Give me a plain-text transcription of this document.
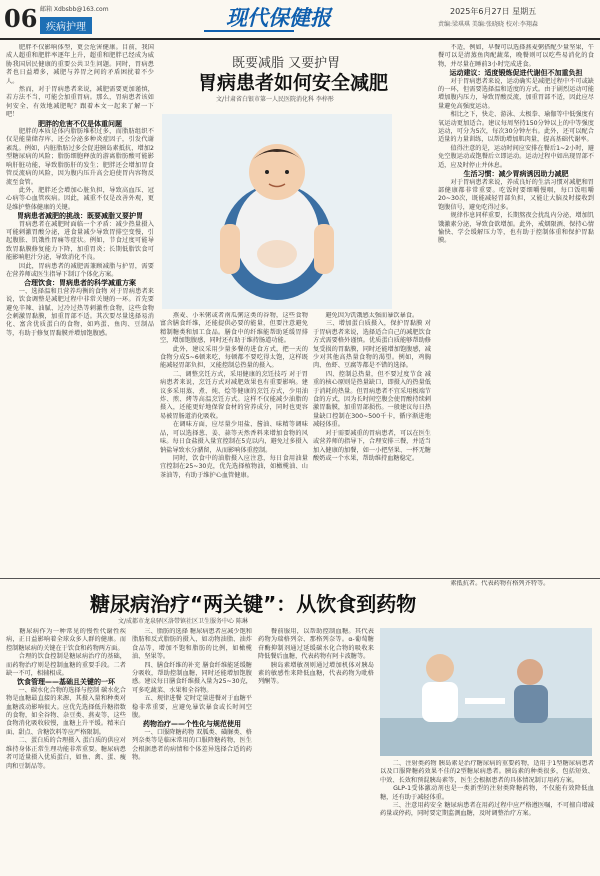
06 邮箱 Xdbsbb@163.com
疾病护理	现代保健报	2025年6月27日 星期五
责编:梁琪琪 美编:张晓晓 校对:李翔森
既要减脂 又要护胃
胃病患者如何安全减肥
文/甘肃省白银市第一人民医院消化科 李梓彤

　　肥胖不仅影响体型，更会危害健康。目前，我国成人超重和肥胖率逐年上升，超重和肥胖已经成为威胁我国居民健康的重要公共卫生问题。同时，胃病患者也日益增多，减肥与养胃之间的矛盾困扰着不少人。

　　然而，对于胃病患者来说，减肥需要更加谨慎，若方法不当，可能会加重胃病。那么，胃病患者该如何安全、有效地减肥呢？跟着本文一起来了解一下吧！

肥胖的危害不仅是体重问题

　　肥胖的本质是体内脂肪堆积过多，而脂肪组织不仅是能量储存库，还会分泌多种炎症因子，引发代谢紊乱。例如，内脏脂肪过多会促进胰岛素抵抗，增加2型糖尿病的风险；脂肪细胞释放的游离脂肪酸可能影响肝脏功能，导致脂肪肝的发生；肥胖还会增加胃食管反流病的风险，因为腹内压升高会迫使胃内容物反流至食管。

　　此外，肥胖还会增加心脏负担，导致高血压、冠心病等心血管疾病。因此，减重不仅是改善外观，更是维护整体健康的关键。

胃病患者减肥的挑战：既要减脂又要护胃

　　胃病患者在减肥时面临一个矛盾：减少热量摄入可能刺激胃酸分泌，进食量减少导致胃排空变慢，引起腹胀、饥饿性胃痛等症状。例如，节食过度可能导致胃黏膜修复能力下降，加重胃炎；长期低脂饮食可能影响胆汁分泌，导致消化不良。

　　因此，胃病患者的减肥需兼顾减脂与护胃，需要在营养师或医生指导下制订个体化方案。

合理饮食：胃病患者的科学减重方案

　　一、选择温和且营养均衡的食物 对于胃病患者来说，饮食调整是减肥过程中非常关键的一环。首先要避免辛辣、油腻、过冷过热等刺激性食物，这些食物会刺激胃黏膜，加重胃部不适。其次要尽量选择易消化、富含优质蛋白的食物，如鸡蛋、鱼肉、豆制品等，有助于修复胃黏膜并增加饱腹感。

　　燕麦、小米粥或者南瓜粥这类的谷物，这些食物富含膳食纤维，还能提供必要的能量，但要注意避免精制糖类和加工食品。膳食中的纤维能帮助延缓胃排空，增加饱腹感，同时还有助于维持肠道功能。

　　此外，建议采用少量多餐的进食方式，把一天的食物分成5~6顿来吃，每顿都不要吃得太饱，这样既能减轻胃部负担，又能控制总热量的摄入。

　　二、调整烹饪方式，采用健康的烹饪技巧 对于胃病患者来说，烹饪方式对减肥效果也有重要影响。建议多采用蒸、煮、炖、烩等健康的烹饪方式，少用油炸、煎、烤等高温烹饪方式。这样不仅能减少油脂的摄入，还能更好地保留食材的营养成分，同时也更容易被胃肠道消化吸收。

　　在调味方面，应尽量少用盐、酱油、味精等调味品，可以选择葱、姜、蒜等天然香料来增加食物的风味。每日食盐摄入量宜控制在5克以内，避免过多摄入钠盐导致水分潴留，从而影响体重控制。

　　同时，饮食中的油脂摄入应注意，每日食用油量宜控制在25~30克，优先选择植物油，如橄榄油、山茶油等，有助于维护心血管健康。

　　避免因为饥饿感太强而暴饮暴食。

　　三、增加蛋白质摄入，保护胃黏膜 对于胃病患者来说，选择适合自己的减肥饮食方式需要格外谨慎。优质蛋白质能够帮助修复受损的胃黏膜，同时还能增加饱腹感，减少对其他高热量食物的渴望。例如，鸡胸肉、鱼虾、豆腐等都是不错的选择。

　　四、控制总热量，但不要过度节食 减重的核心原则是热量缺口，即摄入的热量低于消耗的热量。但胃病患者不宜采用极端节食的方式，因为长时间空腹会使胃酸持续刺激胃黏膜，加重胃部损伤。一般建议每日热量缺口控制在300~500千卡，循序渐进地减轻体重。

　　对于需要减重的胃病患者，可以在医生或营养师的指导下，合理安排三餐，并适当加入健康的加餐，如一小把坚果、一杯无糖酸奶或一个水果，帮助维持血糖稳定。

　　不适，例如，早餐可以选择燕麦粥搭配少量坚果，午餐可以是清蒸鱼肉配蔬菜，晚餐则可以吃些易消化的食物，并尽量在睡前3小时完成进食。

运动建议：适度锻炼促进代谢但不加重负担

　　对于胃病患者来说，运动确实是减肥过程中不可或缺的一环，但需要选择温和适度的方式。由于剧烈运动可能增加腹内压力，导致胃酸反流，加重胃部不适，因此应尽量避免高强度运动。

　　相比之下，快走、游泳、太极拳、瑜伽等中低强度有氧运动更加适合。建议每周坚持150分钟以上的中等强度运动，可分为5次，每次30分钟左右。此外，还可以配合适量的力量训练，以帮助增加肌肉量，提高基础代谢率。

　　值得注意的是，运动时间应安排在餐后1~2小时，避免空腹运动或饱餐后立即运动。运动过程中如出现胃部不适，应及时停止并休息。

生活习惯：减少胃病诱因助力减肥

　　对于胃病患者来说，养成良好的生活习惯对减肥和胃部健康都非常重要。吃饭时要细嚼慢咽，每口饭咀嚼20~30次，既能减轻胃部负担，又能让大脑及时接收到饱腹信号，避免吃得过多。

　　规律作息同样重要，长期熬夜会扰乱内分泌，增加饥饿激素分泌，导致食欲增加。此外，戒烟限酒、保持心情愉快、学会缓解压力等，也有助于控制体重和保护胃黏膜。

糖尿病治疗“两关键”：从饮食到药物
文/成都市龙泉驿区洛带镇社区卫生服务中心 陈琳

　　糖尿病作为一种常见的慢性代谢性疾病，正日益影响着全球众多人群的健康。而控制糖尿病的关键在于饮食和药物两方面。

　　合理的饮食控制是糖尿病治疗的基础，而药物治疗则是控制血糖的重要手段。二者缺一不可，相辅相成。

饮食管理——基础且关键的一环

　　一、碳水化合物的选择与控制 碳水化合物是血糖最直接的来源，其摄入量和种类对血糖波动影响很大。应优先选择低升糖指数的食物，如全谷物、杂豆类、燕麦等，这些食物消化吸收较慢，血糖上升平缓。精米白面、甜点、含糖饮料等应严格限制。

　　二、蛋白质的合理摄入 蛋白质的供应对维持身体正常生理功能非常重要。糖尿病患者可适量摄入优质蛋白，如鱼、禽、蛋、瘦肉和豆制品等。

　　三、脂肪的选择 糖尿病患者应减少饱和脂肪和反式脂肪的摄入，如动物油脂、油炸食品等，增加不饱和脂肪的比例，如橄榄油、坚果等。

　　四、膳食纤维的补充 膳食纤维能延缓糖分吸收，帮助控制血糖，同时还能增加饱腹感。建议每日膳食纤维摄入量为25~30克，可多吃蔬菜、水果和全谷物。

　　五、规律进餐 定时定量进餐对于血糖平稳非常重要，应避免暴饮暴食或长时间空腹。

药物治疗——个性化与规范使用

　　一、口服降糖药物 双胍类、磺脲类、格列奈类等是临床常用的口服降糖药物，医生会根据患者的病情和个体差异选择合适的药物。

　　餐前服用，以帮助控制血糖。其代表药物为瑞格列奈、那格列奈等。α-葡萄糖苷酶抑制剂通过延缓碳水化合物的吸收来降低餐后血糖，代表药物有阿卡波糖等。

　　胰岛素增敏剂则通过增加机体对胰岛素的敏感性来降低血糖，代表药物为吡格列酮等。

　　素抵抗者。代表药物有格列齐特等。

　　二、注射类药物 胰岛素是治疗糖尿病的重要药物，适用于1型糖尿病患者以及口服降糖药效果不佳的2型糖尿病患者。胰岛素的种类很多，包括短效、中效、长效和预混胰岛素等，医生会根据患者的具体情况制订用药方案。

　　GLP-1受体激动剂也是一类新型的注射类降糖药物，不仅能有效降低血糖，还有助于减轻体重。

　　三、注意用药安全 糖尿病患者在用药过程中应严格遵医嘱，不可擅自增减药量或停药，同时要定期监测血糖，及时调整治疗方案。
